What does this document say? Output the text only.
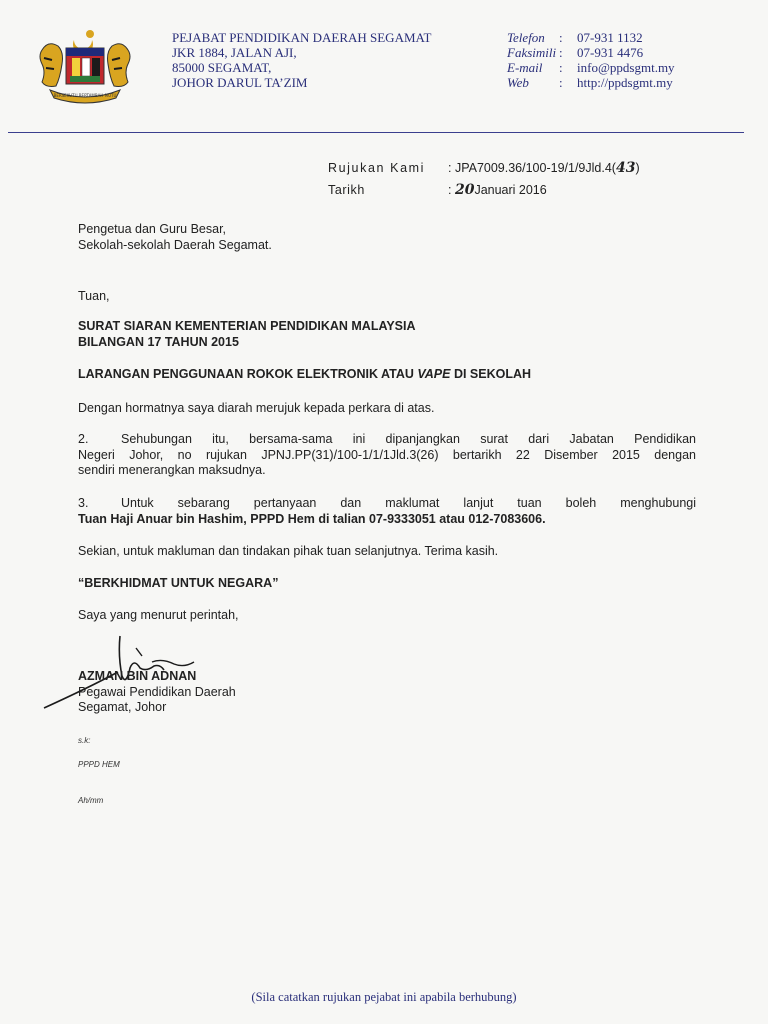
BERSEKUTU BERTAMBAH MUTU
PEJABAT PENDIDIKAN DAERAH SEGAMAT
JKR 1884, JALAN AJI,
85000 SEGAMAT,
JOHOR DARUL TA’ZIM
Telefon	:	07-931 1132
Faksimili :	07-931 4476
E-mail	:	info@ppdsgmt.my
Web	:	http://ppdsgmt.my
Rujukan Kami	: JPA7009.36/100-19/1/9Jld.4( 43 )
Tarikh	: 20 Januari 2016
Pengetua dan Guru Besar,
Sekolah-sekolah Daerah Segamat.
Tuan,
SURAT SIARAN KEMENTERIAN PENDIDIKAN MALAYSIA
BILANGAN 17 TAHUN 2015
LARANGAN PENGGUNAAN ROKOK ELEKTRONIK ATAU VAPE DI SEKOLAH
Dengan hormatnya saya diarah merujuk kepada perkara di atas.
2.	Sehubungan itu, bersama-sama ini dipanjangkan surat dari Jabatan Pendidikan
Negeri Johor, no rujukan JPNJ.PP(31)/100-1/1/1Jld.3(26) bertarikh 22 Disember 2015 dengan
sendiri menerangkan maksudnya.
3.	Untuk sebarang pertanyaan dan maklumat lanjut tuan boleh menghubungi
Tuan Haji Anuar bin Hashim, PPPD Hem di talian 07-9333051 atau 012-7083606.
Sekian, untuk makluman dan tindakan pihak tuan selanjutnya. Terima kasih.
“BERKHIDMAT UNTUK NEGARA”
Saya yang menurut perintah,
AZMAN BIN ADNAN
Pegawai Pendidikan Daerah
Segamat, Johor
s.k:
PPPD HEM
Ah/mm
(Sila catatkan rujukan pejabat ini apabila berhubung)
